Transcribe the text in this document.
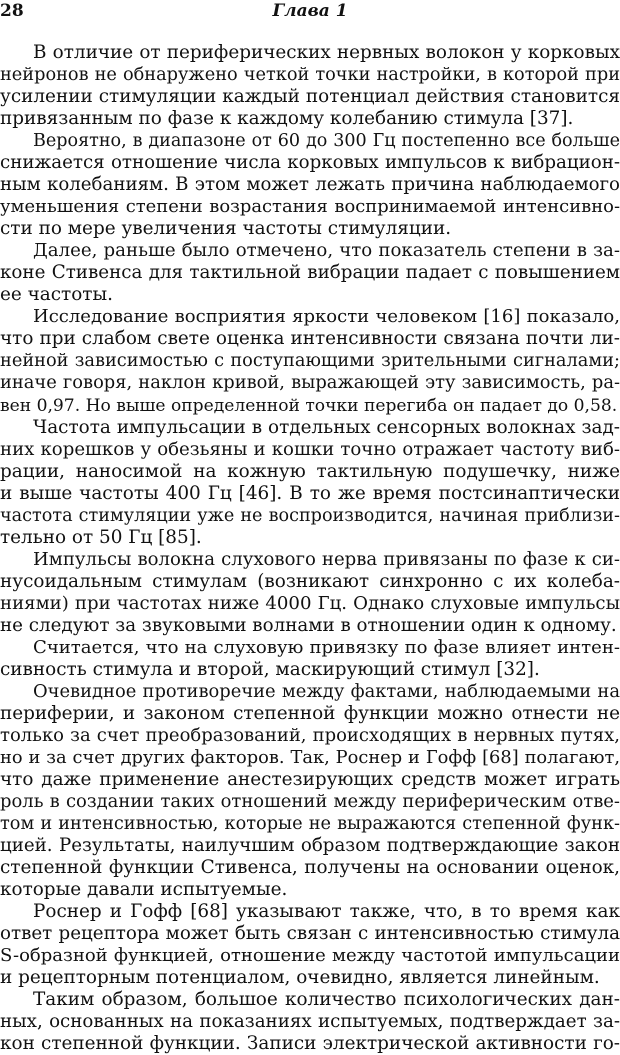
28	Глава 1
В отличие от периферических нервных волокон у корковых
нейронов не обнаружено четкой точки настройки, в которой при
усилении стимуляции каждый потенциал действия становится
привязанным по фазе к каждому колебанию стимула [37].
Вероятно, в диапазоне от 60 до 300 Гц постепенно все больше
снижается отношение числа корковых импульсов к вибрацион-
ным колебаниям. В этом может лежать причина наблюдаемого
уменьшения степени возрастания воспринимаемой интенсивно-
сти по мере увеличения частоты стимуляции.
Далее, раньше было отмечено, что показатель степени в за-
коне Стивенса для тактильной вибрации падает с повышением
ее частоты.
Исследование восприятия яркости человеком [16] показало,
что при слабом свете оценка интенсивности связана почти ли-
нейной зависимостью с поступающими зрительными сигналами;
иначе говоря, наклон кривой, выражающей эту зависимость, ра-
вен 0,97. Но выше определенной точки перегиба он падает до 0,58.
Частота импульсации в отдельных сенсорных волокнах зад-
них корешков у обезьяны и кошки точно отражает частоту виб-
рации, наносимой на кожную тактильную подушечку, ниже
и выше частоты 400 Гц [46]. В то же время постсинаптически
частота стимуляции уже не воспроизводится, начиная приблизи-
тельно от 50 Гц [85].
Импульсы волокна слухового нерва привязаны по фазе к си-
нусоидальным стимулам (возникают синхронно с их колеба-
ниями) при частотах ниже 4000 Гц. Однако слуховые импульсы
не следуют за звуковыми волнами в отношении один к одному.
Считается, что на слуховую привязку по фазе влияет интен-
сивность стимула и второй, маскирующий стимул [32].
Очевидное противоречие между фактами, наблюдаемыми на
периферии, и законом степенной функции можно отнести не
только за счет преобразований, происходящих в нервных путях,
но и за счет других факторов. Так, Роснер и Гофф [68] полагают,
что даже применение анестезирующих средств может играть
роль в создании таких отношений между периферическим отве-
том и интенсивностью, которые не выражаются степенной функ-
цией. Результаты, наилучшим образом подтверждающие закон
степенной функции Стивенса, получены на основании оценок,
которые давали испытуемые.
Роснер и Гофф [68] указывают также, что, в то время как
ответ рецептора может быть связан с интенсивностью стимула
S-образной функцией, отношение между частотой импульсации
и рецепторным потенциалом, очевидно, является линейным.
Таким образом, большое количество психологических дан-
ных, основанных на показаниях испытуемых, подтверждает за-
кон степенной функции. Записи электрической активности го-
